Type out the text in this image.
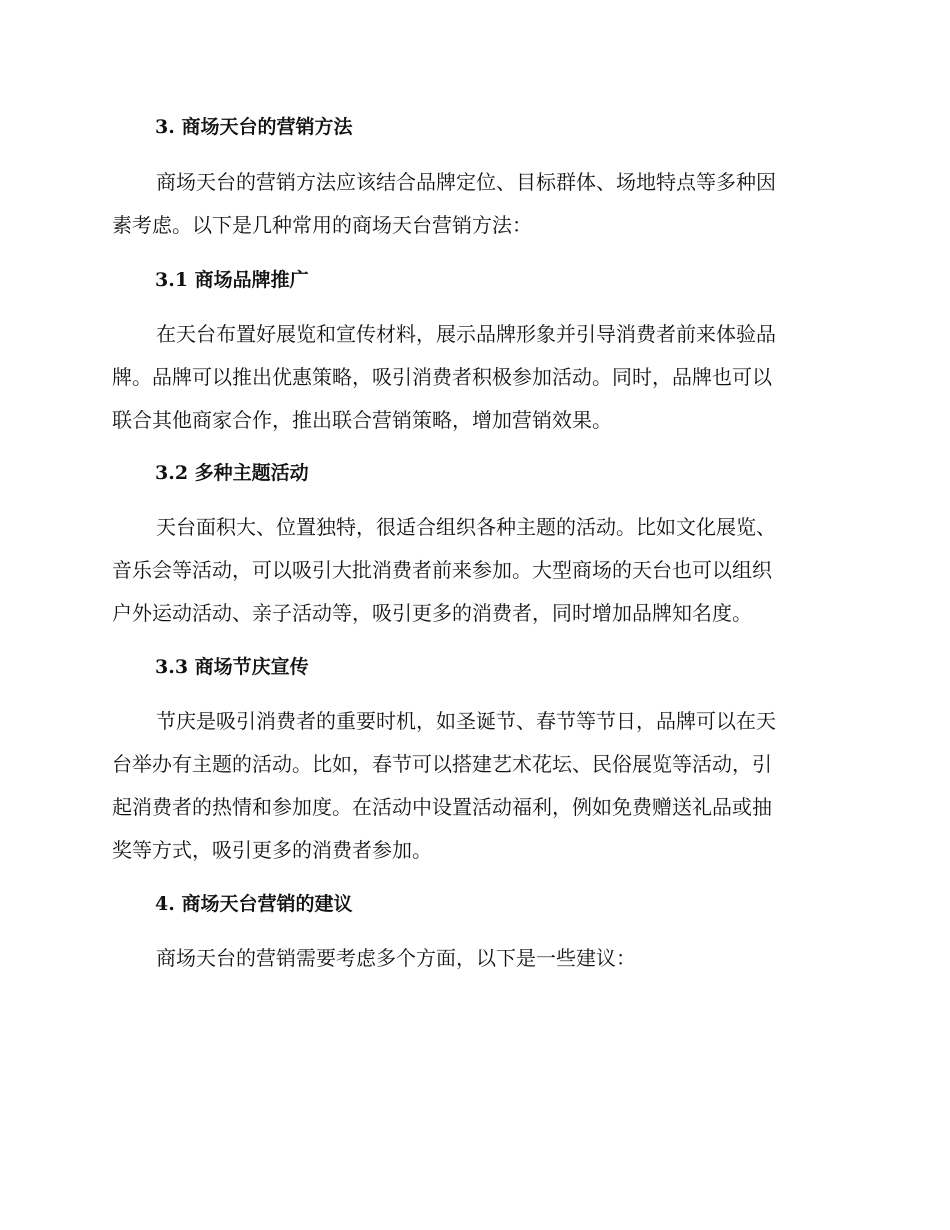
3. 商场天台的营销方法
商场天台的营销方法应该结合品牌定位、目标群体、场地特点等多种因
素考虑。以下是几种常用的商场天台营销方法：
3.1 商场品牌推广
在天台布置好展览和宣传材料，展示品牌形象并引导消费者前来体验品
牌。品牌可以推出优惠策略，吸引消费者积极参加活动。同时，品牌也可以
联合其他商家合作，推出联合营销策略，增加营销效果。
3.2 多种主题活动
天台面积大、位置独特，很适合组织各种主题的活动。比如文化展览、
音乐会等活动，可以吸引大批消费者前来参加。大型商场的天台也可以组织
户外运动活动、亲子活动等，吸引更多的消费者，同时增加品牌知名度。
3.3 商场节庆宣传
节庆是吸引消费者的重要时机，如圣诞节、春节等节日，品牌可以在天
台举办有主题的活动。比如，春节可以搭建艺术花坛、民俗展览等活动，引
起消费者的热情和参加度。在活动中设置活动福利，例如免费赠送礼品或抽
奖等方式，吸引更多的消费者参加。
4. 商场天台营销的建议
商场天台的营销需要考虑多个方面，以下是一些建议：
